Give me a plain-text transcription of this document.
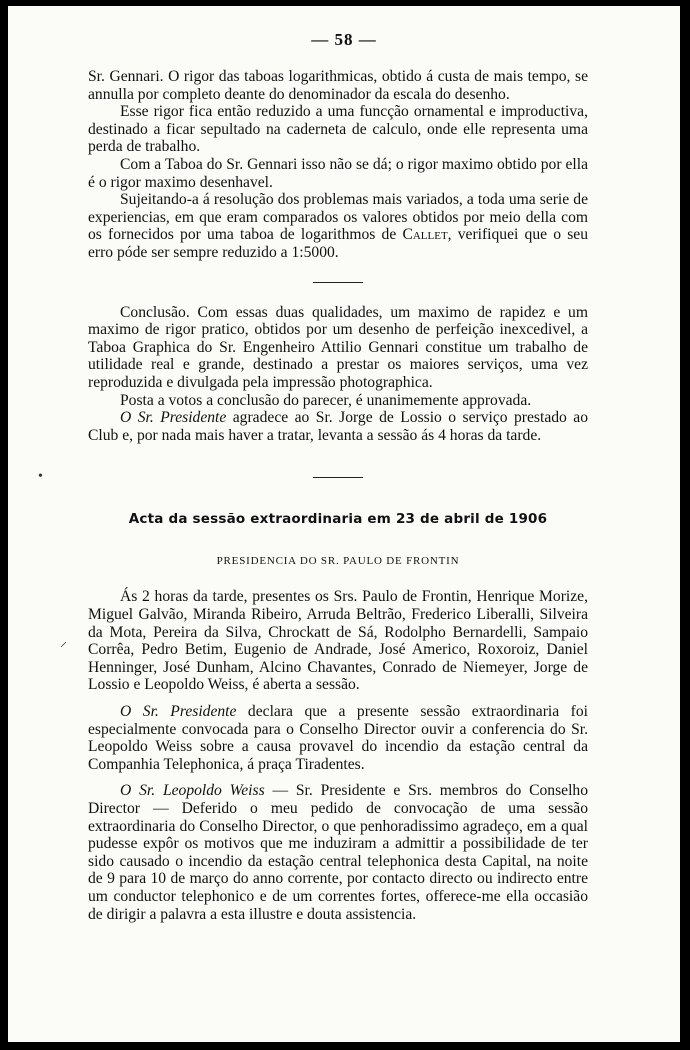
— 58 —

Sr. Gennari. O rigor das taboas logarithmicas, obtido á custa de mais tempo, se annulla por completo deante do denominador da escala do desenho.

Esse rigor fica então reduzido a uma funcção ornamental e improductiva, destinado a ficar sepultado na caderneta de calculo, onde elle representa uma perda de trabalho.

Com a Taboa do Sr. Gennari isso não se dá; o rigor maximo obtido por ella é o rigor maximo desenhavel.

Sujeitando-a á resolução dos problemas mais variados, a toda uma serie de experiencias, em que eram comparados os valores obtidos por meio della com os fornecidos por uma taboa de logarithmos de Callet, verifiquei que o seu erro póde ser sempre reduzido a 1:5000.

Conclusão. Com essas duas qualidades, um maximo de rapidez e um maximo de rigor pratico, obtidos por um desenho de perfeição inexcedivel, a Taboa Graphica do Sr. Engenheiro Attilio Gennari constitue um trabalho de utilidade real e grande, destinado a prestar os maiores serviços, uma vez reproduzida e divulgada pela impressão photographica.

Posta a votos a conclusão do parecer, é unanimemente approvada.

O Sr. Presidente agradece ao Sr. Jorge de Lossio o serviço prestado ao Club e, por nada mais haver a tratar, levanta a sessão ás 4 horas da tarde.

Acta da sessão extraordinaria em 23 de abril de 1906
PRESIDENCIA DO SR. PAULO DE FRONTIN

Ás 2 horas da tarde, presentes os Srs. Paulo de Frontin, Henrique Morize, Miguel Galvão, Miranda Ribeiro, Arruda Beltrão, Frederico Liberalli, Silveira da Mota, Pereira da Silva, Chrockatt de Sá, Rodolpho Bernardelli, Sampaio Corrêa, Pedro Betim, Eugenio de Andrade, José Americo, Roxoroiz, Daniel Henninger, José Dunham, Alcino Chavantes, Conrado de Niemeyer, Jorge de Lossio e Leopoldo Weiss, é aberta a sessão.

O Sr. Presidente declara que a presente sessão extraordinaria foi especialmente convocada para o Conselho Director ouvir a conferencia do Sr. Leopoldo Weiss sobre a causa provavel do incendio da estação central da Companhia Telephonica, á praça Tiradentes.

O Sr. Leopoldo Weiss — Sr. Presidente e Srs. membros do Conselho Director — Deferido o meu pedido de convocação de uma sessão extraordinaria do Conselho Director, o que penhoradissimo agradeço, em a qual pudesse expôr os motivos que me induziram a admittir a possibilidade de ter sido causado o incendio da estação central telephonica desta Capital, na noite de 9 para 10 de março do anno corrente, por contacto directo ou indirecto entre um conductor telephonico e de um correntes fortes, offerece-me ella occasião de dirigir a palavra a esta illustre e douta assistencia.

•
⸝
